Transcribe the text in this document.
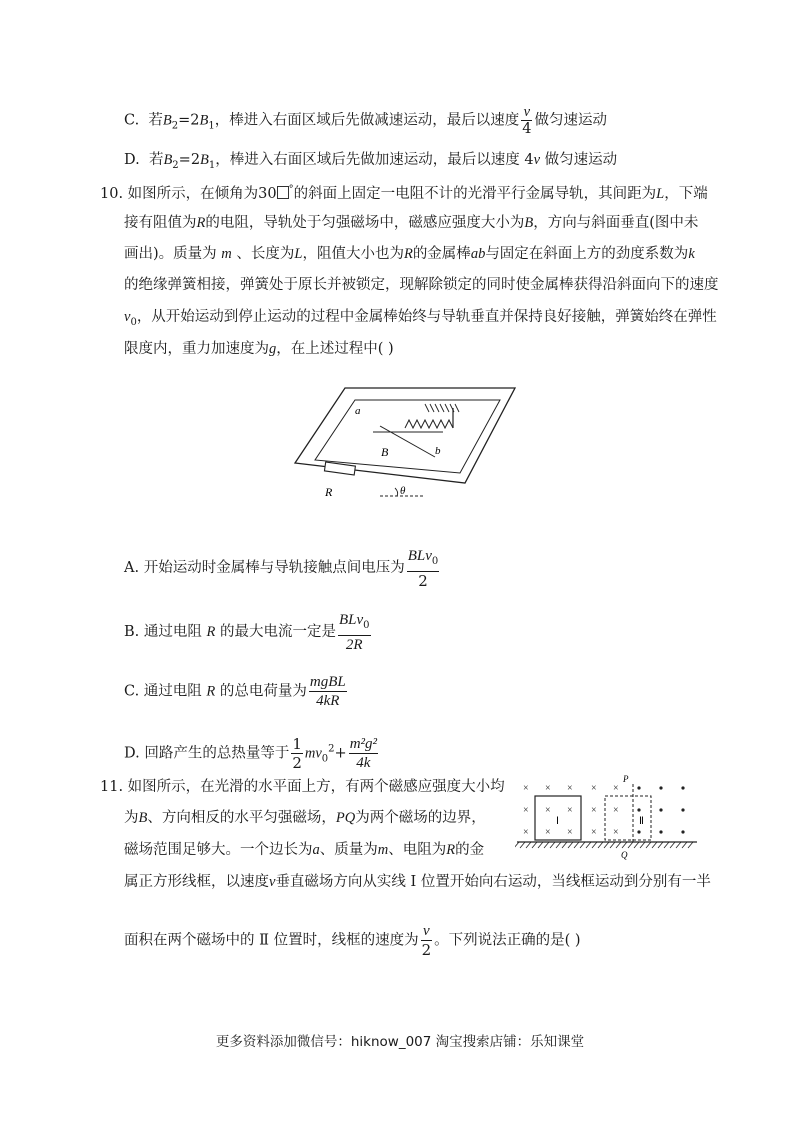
C. 若$B_2=2B_1$，棒进入右面区域后先做减速运动，最后以速度 $\frac{v}{4}$ 做匀速运动
D. 若$B_2=2B_1$，棒进入右面区域后先做加速运动，最后以速度 4v 做匀速运动
10. 如图所示，在倾角为30 °的斜面上固定一电阻不计的光滑平行金属导轨，其间距为L，下端
接有阻值为R的电阻，导轨处于匀强磁场中，磁感应强度大小为B，方向与斜面垂直(图中未
画出)。质量为 m 、长度为L，阻值大小也为R的金属棒ab与固定在斜面上方的劲度系数为k
的绝缘弹簧相接，弹簧处于原长并被锁定，现解除锁定的同时使金属棒获得沿斜面向下的速度
$v_0$，从开始运动到停止运动的过程中金属棒始终与导轨垂直并保持良好接触，弹簧始终在弹性
限度内，重力加速度为g，在上述过程中( )
a
b
B
R	θ
A. 开始运动时金属棒与导轨接触点间电压为 $\frac{BLv_0}{2}$
B. 通过电阻 R 的最大电流一定是 $\frac{BLv_0}{2R}$
C. 通过电阻 R 的总电荷量为 $\frac{\text{mgBL}}{4kR}$
D. 回路产生的总热量等于 $\frac{1}{2} mv_0^2+ \frac{\text{m²g²}}{4k}$
11. 如图所示，在光滑的水平面上方，有两个磁感应强度大小均
为B、方向相反的水平匀强磁场，PQ为两个磁场的边界，
磁场范围足够大。一个边长为a、质量为m、电阻为R的金
属正方形线框，以速度v垂直磁场方向从实线 Ⅰ 位置开始向右运动，当线框运动到分别有一半
面积在两个磁场中的 Ⅱ 位置时，线框的速度为 $\frac{v}{2}$ 。下列说法正确的是( )
× × × × ×
× × × × ×
× × × × ×
P
Q
Ⅰ	Ⅱ
更多资料添加微信号：hiknow_007 淘宝搜索店铺：乐知课堂
